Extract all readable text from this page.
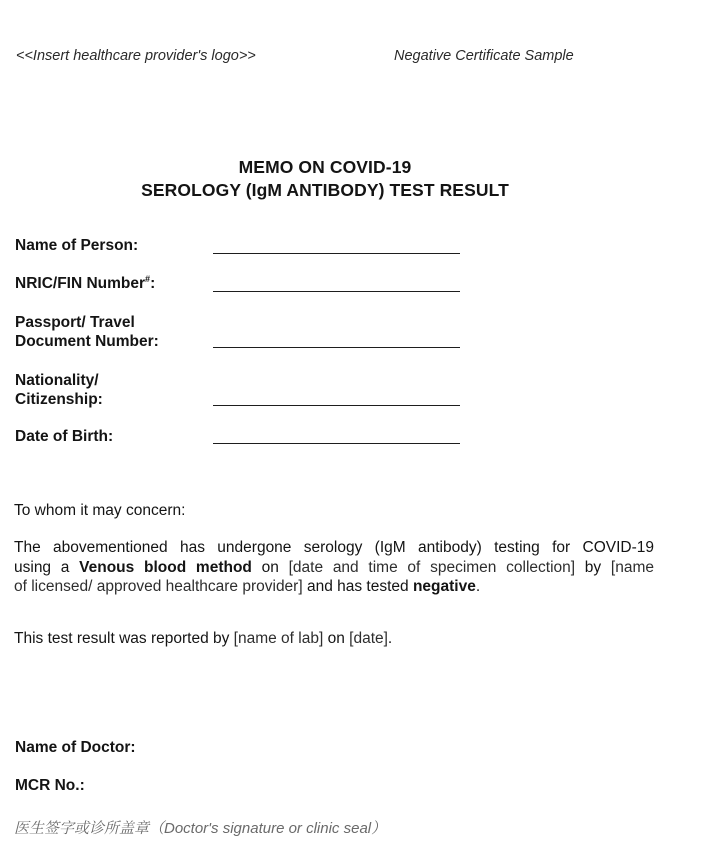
<<Insert healthcare provider's logo>>	Negative Certificate Sample
MEMO ON COVID-19
SEROLOGY (IgM ANTIBODY) TEST RESULT
Name of Person:
NRIC/FIN Number#:
Passport/ Travel
Document Number:
Nationality/
Citizenship:
Date of Birth:
To whom it may concern:
The abovementioned has undergone serology (IgM antibody) testing for COVID-19
using a Venous blood method on [date and time of specimen collection] by [name
of licensed/ approved healthcare provider] and has tested negative.
This test result was reported by [name of lab] on [date].
Name of Doctor:
MCR No.:
医生签字或诊所盖章（Doctor's signature or clinic seal）
